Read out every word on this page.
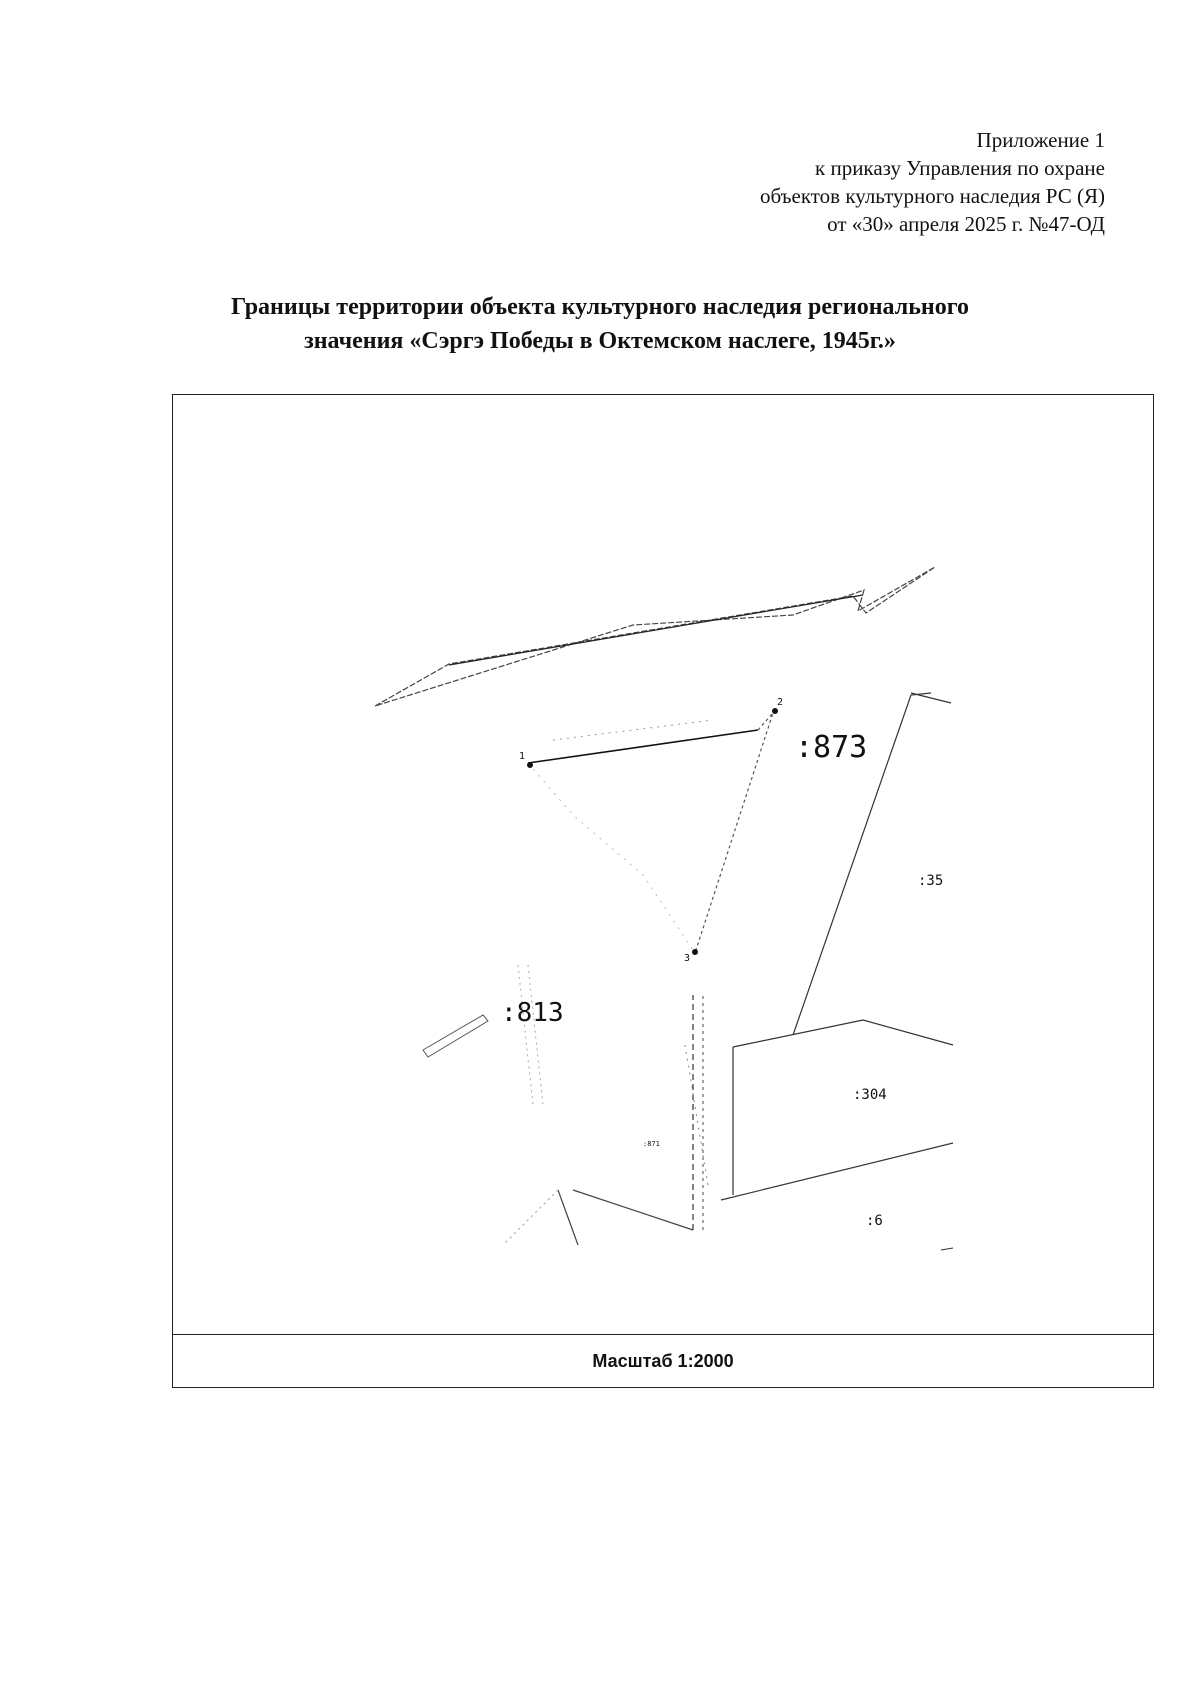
Приложение 1
к приказу Управления по охране
объектов культурного наследия РС (Я)
от «30» апреля 2025 г. №47-ОД
Границы территории объекта культурного наследия регионального
значения «Сэргэ Победы в Октемском наслеге, 1945г.»
1
2
3
:873
:35
:813
:304
:871
:6
Масштаб 1:2000
